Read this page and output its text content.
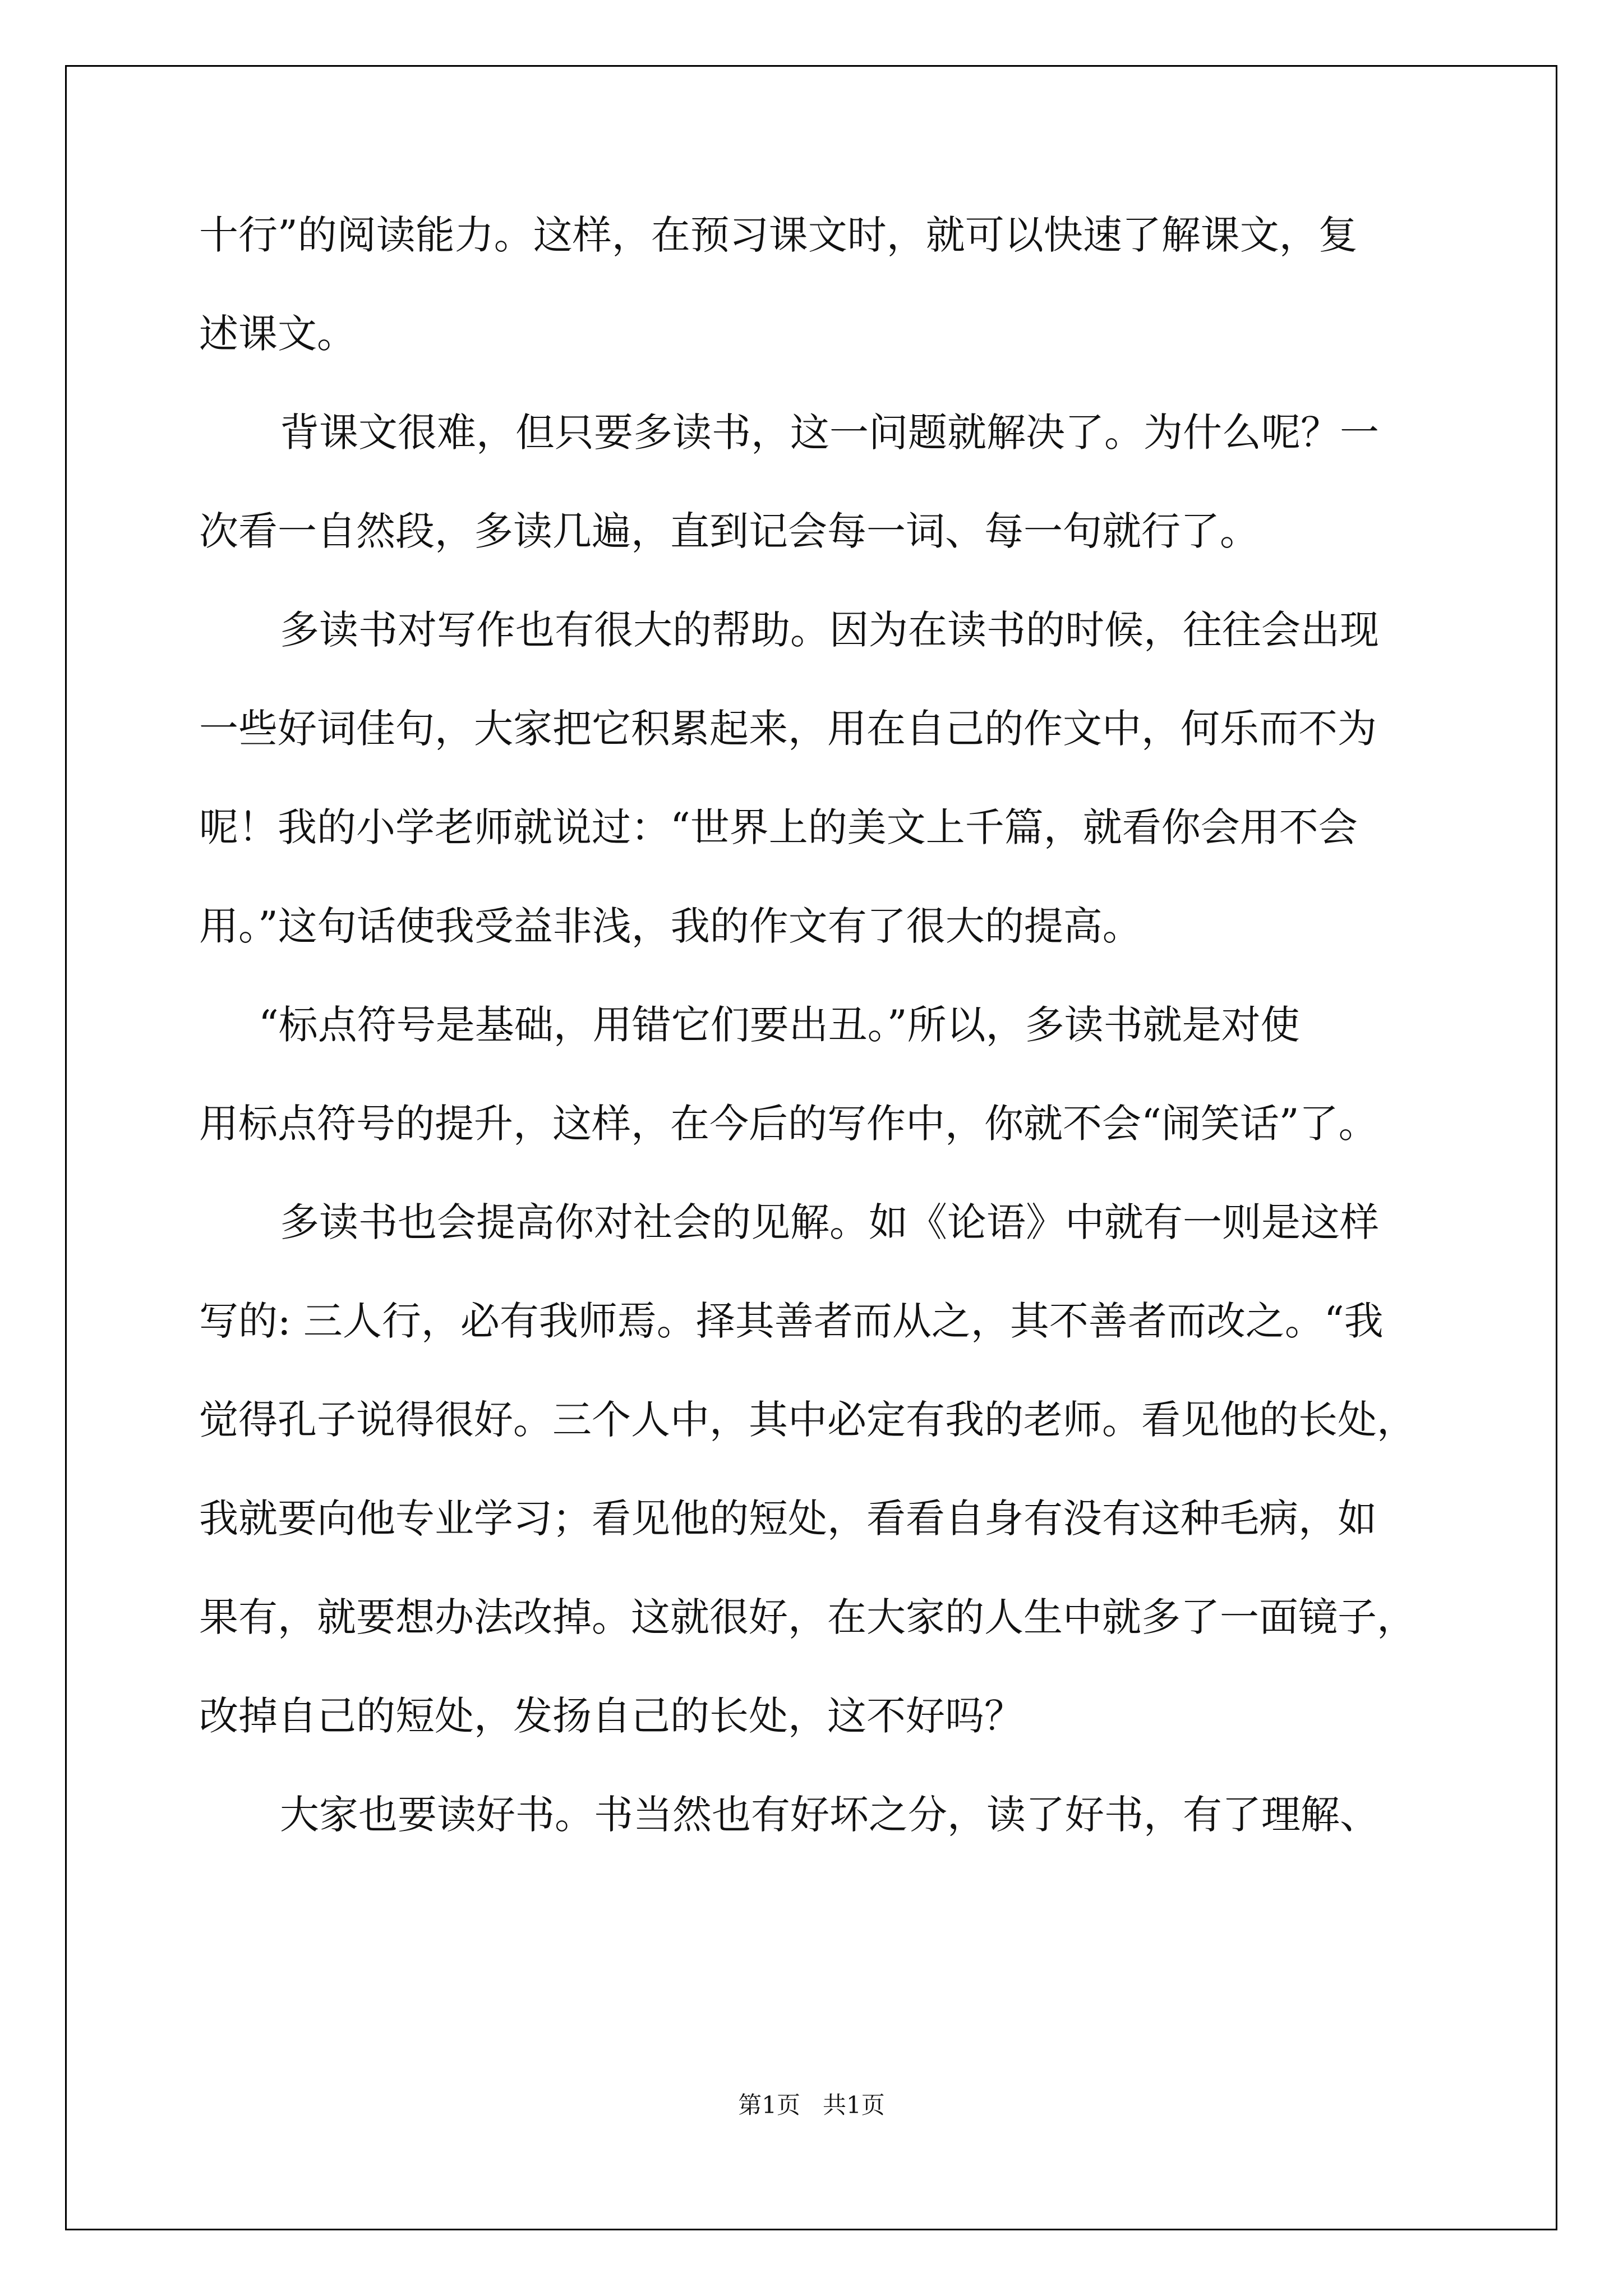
十行”的阅读能力。这样，在预习课文时，就可以快速了解课文，复
述课文。
背课文很难，但只要多读书，这一问题就解决了。为什么呢？一
次看一自然段，多读几遍，直到记会每一词、每一句就行了。
多读书对写作也有很大的帮助。因为在读书的时候，往往会出现
一些好词佳句，大家把它积累起来，用在自己的作文中，何乐而不为
呢！我的小学老师就说过：“世界上的美文上千篇，就看你会用不会
用。”这句话使我受益非浅，我的作文有了很大的提高。
“标点符号是基础，用错它们要出丑。”所以，多读书就是对使
用标点符号的提升，这样，在今后的写作中，你就不会“闹笑话”了。
多读书也会提高你对社会的见解。如《论语》中就有一则是这样
写的: 三人行，必有我师焉。择其善者而从之，其不善者而改之。“我
觉得孔子说得很好。三个人中，其中必定有我的老师。看见他的长处，
我就要向他专业学习；看见他的短处，看看自身有没有这种毛病，如
果有，就要想办法改掉。这就很好，在大家的人生中就多了一面镜子，
改掉自己的短处，发扬自己的长处，这不好吗？
大家也要读好书。书当然也有好坏之分，读了好书，有了理解、
第1页 共1页
